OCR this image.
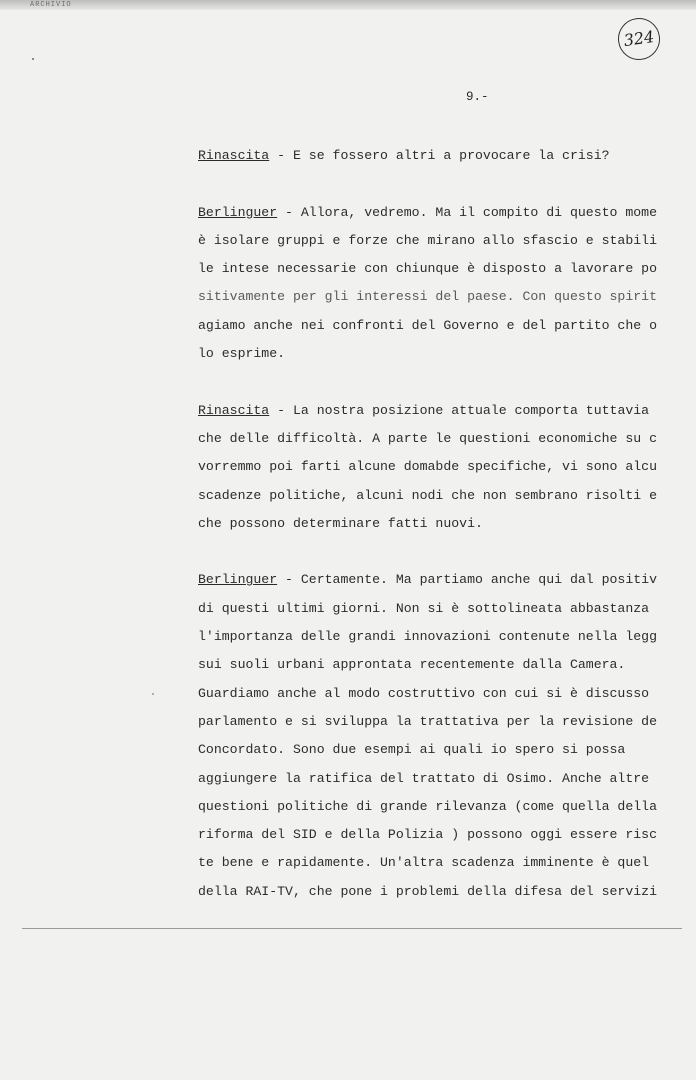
ARCHIVIO
324
9.-
Rinascita - E se fossero altri a provocare la crisi?
Berlinguer - Allora, vedremo. Ma il compito di questo mome
è isolare gruppi e forze che mirano allo sfascio e stabili
le intese necessarie con chiunque è disposto a lavorare po
sitivamente per gli interessi del paese. Con questo spirit
agiamo anche nei confronti del Governo e del partito che o
lo esprime.
Rinascita - La nostra posizione attuale comporta tuttavia
che delle difficoltà. A parte le questioni economiche su c
vorremmo poi farti alcune domabde specifiche, vi sono alcu
scadenze politiche, alcuni nodi che non sembrano risolti e
che possono determinare fatti nuovi.
Berlinguer - Certamente. Ma partiamo anche qui dal positiv
di questi ultimi giorni. Non si è sottolineata abbastanza
l'importanza delle grandi innovazioni contenute nella legg
sui suoli urbani approntata recentemente dalla Camera.
Guardiamo anche al modo costruttivo con cui si è discusso
parlamento e si sviluppa la trattativa per la revisione de
Concordato. Sono due esempi ai quali io spero si possa
aggiungere la ratifica del trattato di Osimo. Anche altre
questioni politiche di grande rilevanza (come quella della
riforma del SID e della Polizia ) possono oggi essere risc
te bene e rapidamente. Un'altra scadenza imminente è quel
della RAI-TV, che pone i problemi della difesa del servizi
